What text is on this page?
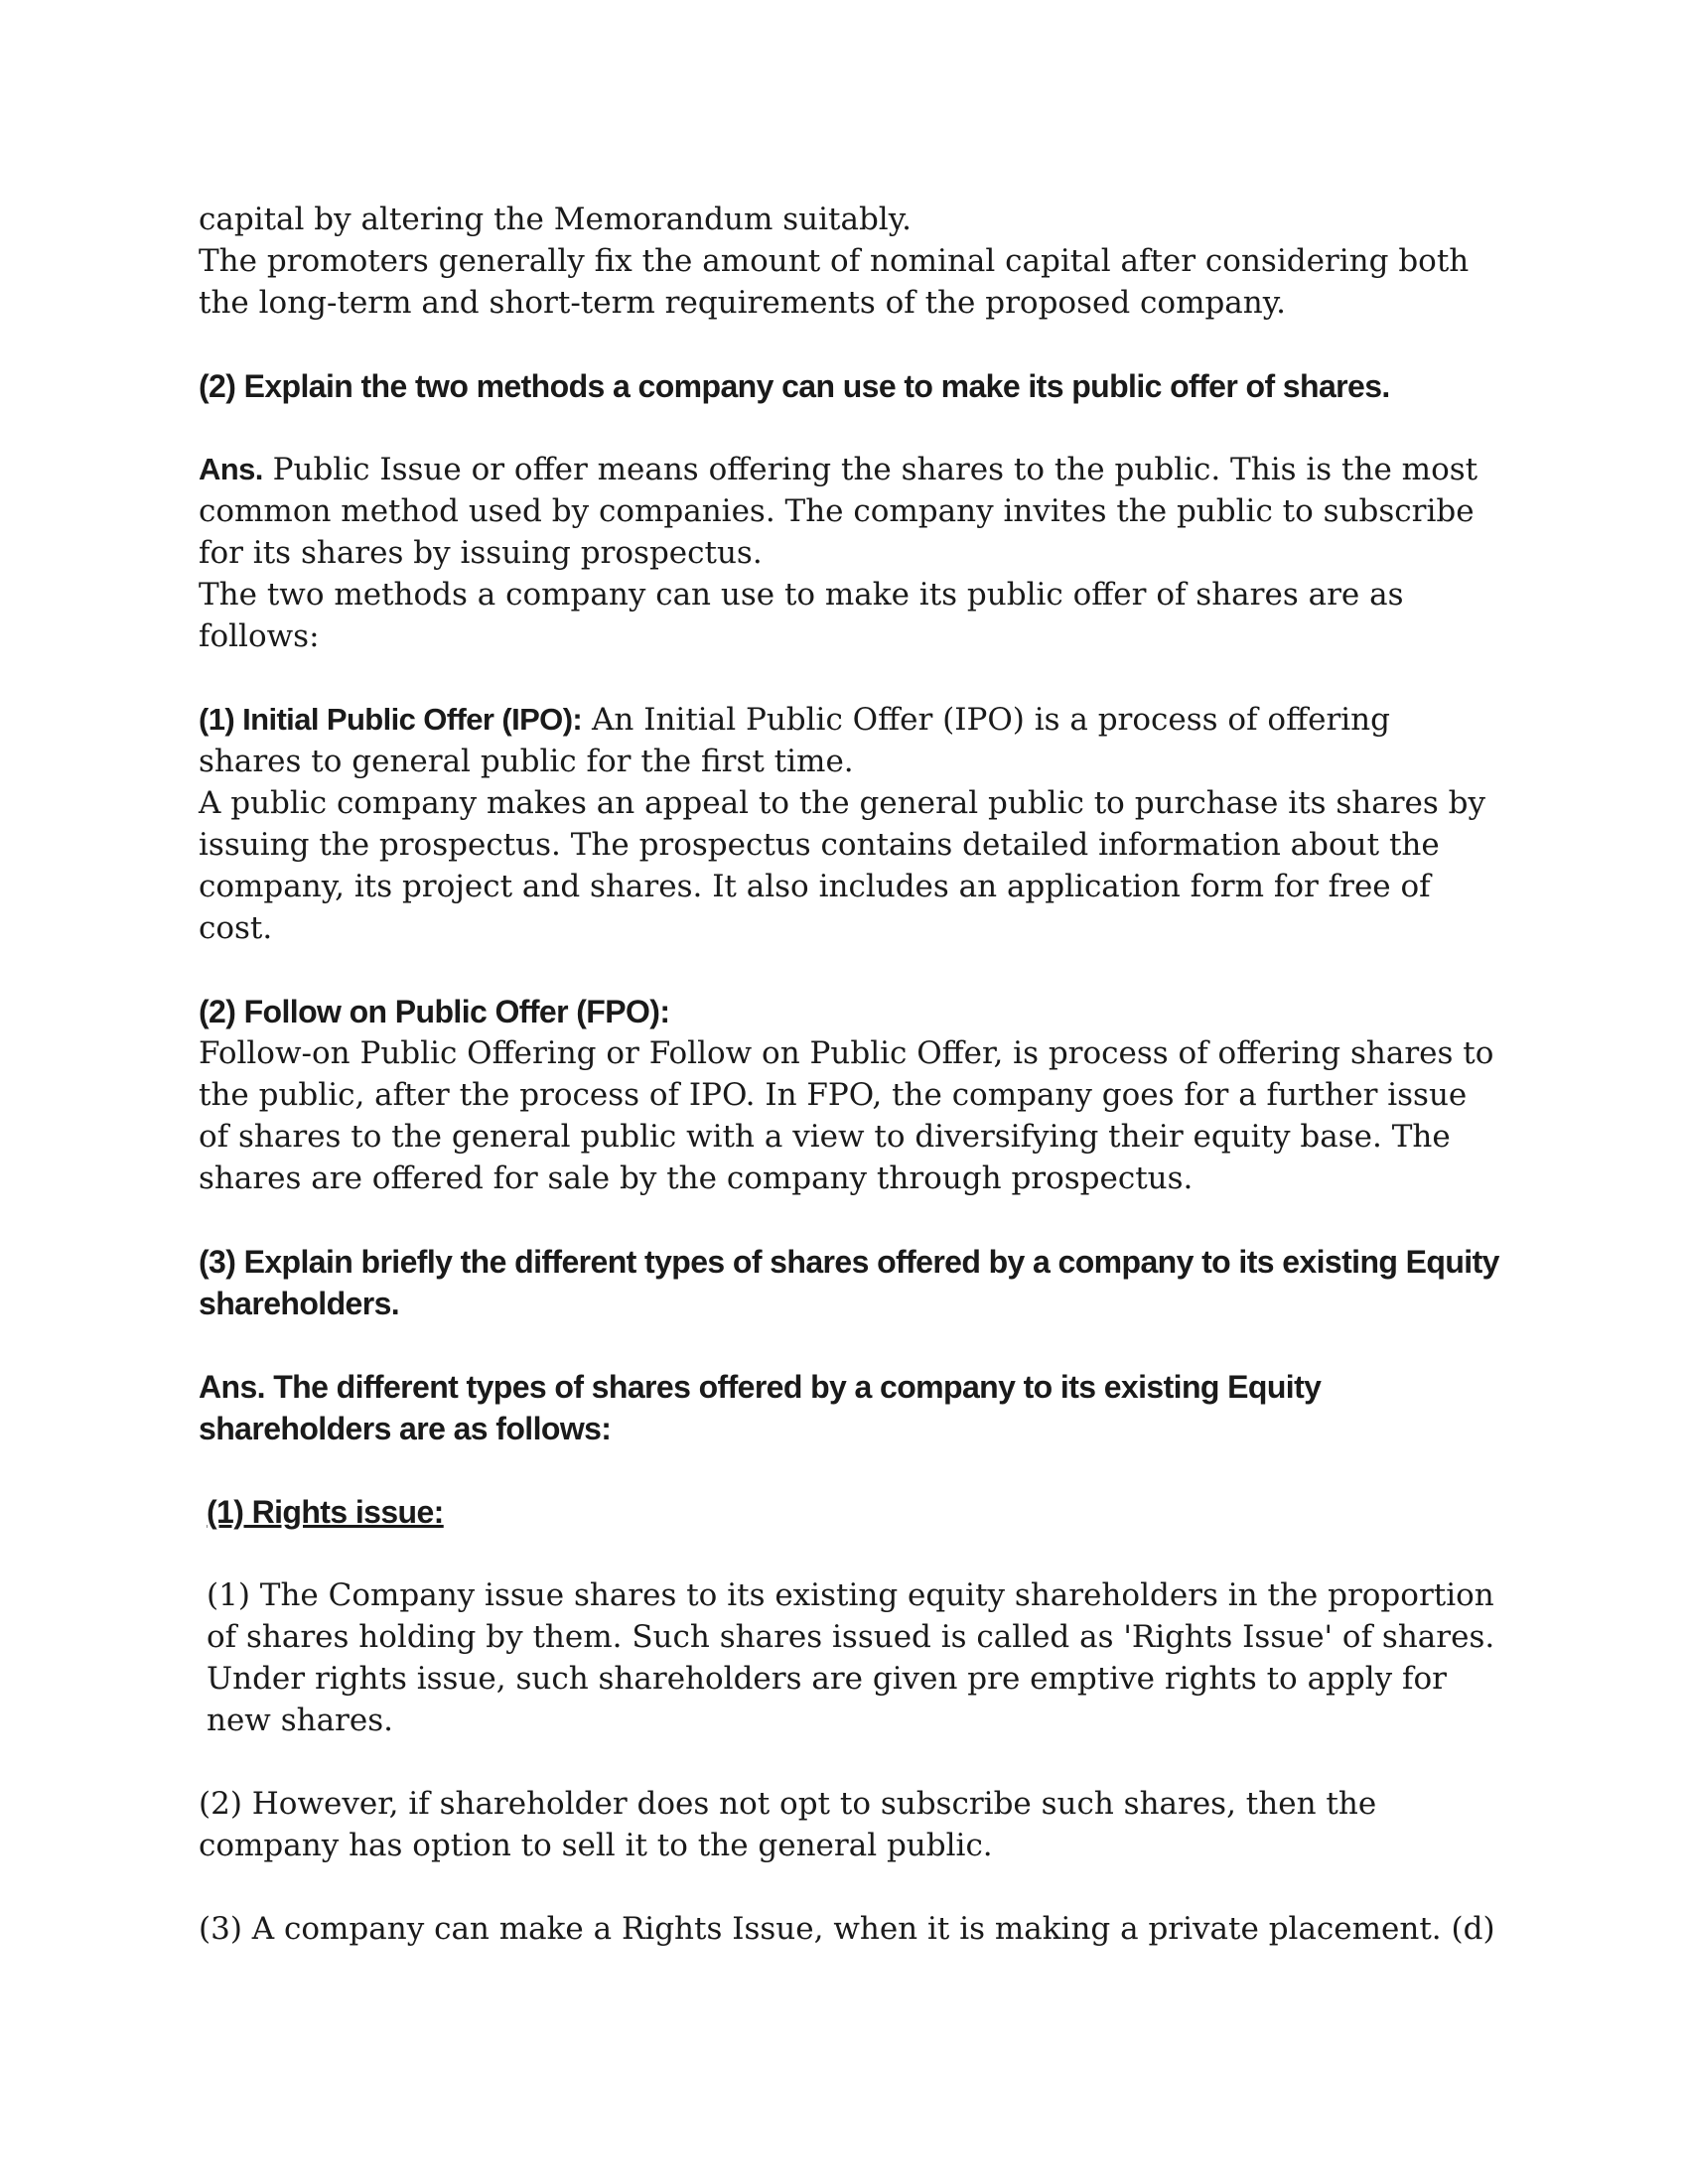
capital by altering the Memorandum suitably.

The promoters generally fix the amount of nominal capital after considering both the long-term and short-term requirements of the proposed company.

(2) Explain the two methods a company can use to make its public offer of shares.

Ans. Public Issue or offer means offering the shares to the public. This is the most common method used by companies. The company invites the public to subscribe for its shares by issuing prospectus.

The two methods a company can use to make its public offer of shares are as follows:

(1) Initial Public Offer (IPO): An Initial Public Offer (IPO) is a process of offering shares to general public for the first time.

A public company makes an appeal to the general public to purchase its shares by issuing the prospectus. The prospectus contains detailed information about the company, its project and shares. It also includes an application form for free of cost.

(2) Follow on Public Offer (FPO):

Follow-on Public Offering or Follow on Public Offer, is process of offering shares to the public, after the process of IPO. In FPO, the company goes for a further issue of shares to the general public with a view to diversifying their equity base. The shares are offered for sale by the company through prospectus.

(3) Explain briefly the different types of shares offered by a company to its existing Equity shareholders.

Ans. The different types of shares offered by a company to its existing Equity shareholders are as follows:

(1) Rights issue:

(1) The Company issue shares to its existing equity shareholders in the proportion of shares holding by them. Such shares issued is called as 'Rights Issue' of shares. Under rights issue, such shareholders are given pre emptive rights to apply for new shares.

(2) However, if shareholder does not opt to subscribe such shares, then the company has option to sell it to the general public.

(3) A company can make a Rights Issue, when it is making a private placement. (d)
